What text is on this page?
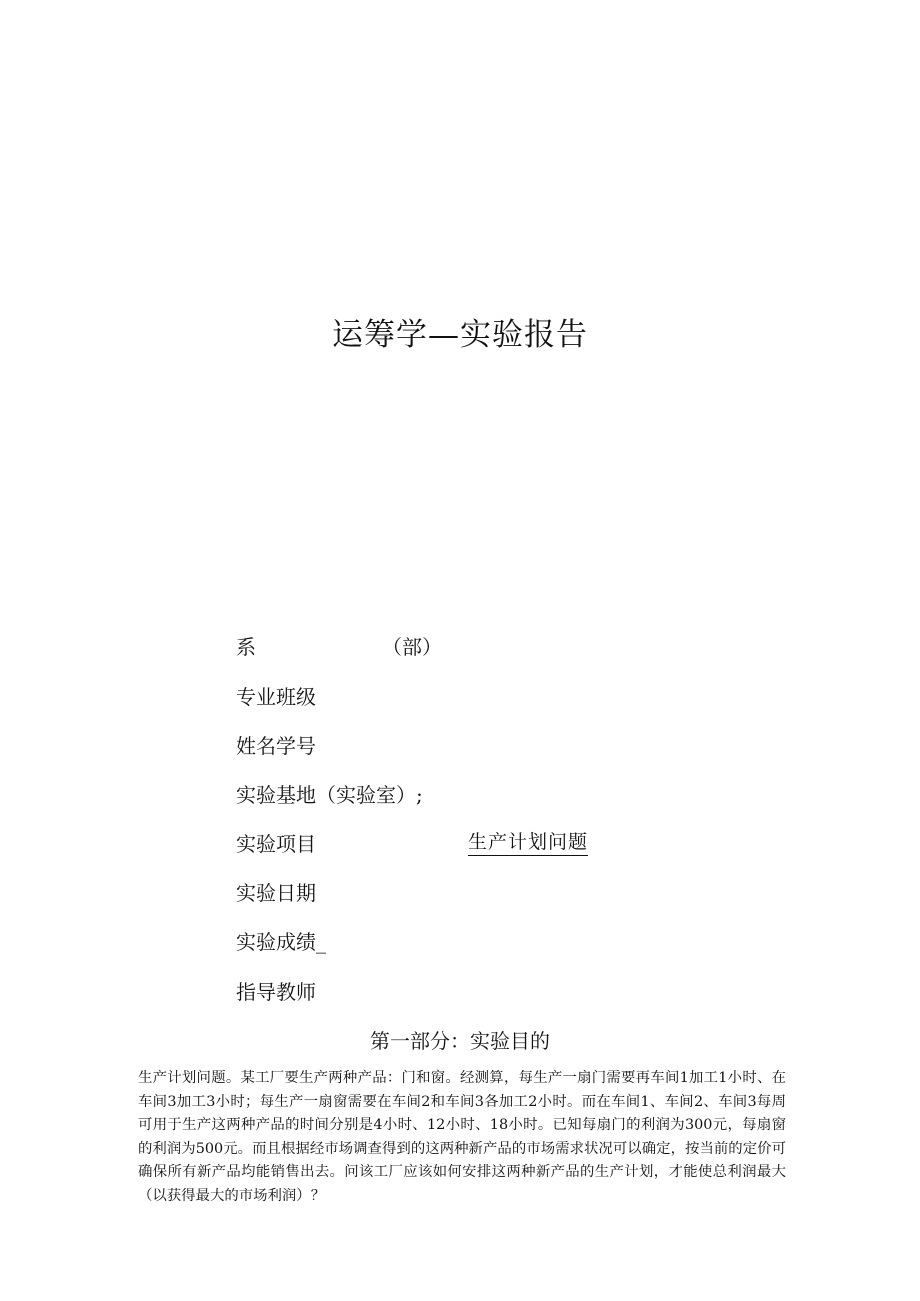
运筹学—实验报告
系	（部）
专业班级
姓名学号
实验基地（实验室）;
实验项目	生产计划问题
实验日期
实验成绩_
指导教师
第一部分：实验目的
生产计划问题。某工厂要生产两种产品：门和窗。经测算，每生产一扇门需要再车间1加工1小时、在车间3加工3小时；每生产一扇窗需要在车间2和车间3各加工2小时。而在车间1、车间2、车间3每周可用于生产这两种产品的时间分别是4小时、12小时、18小时。已知每扇门的利润为300元，每扇窗的利润为500元。而且根据经市场调查得到的这两种新产品的市场需求状况可以确定，按当前的定价可确保所有新产品均能销售出去。问该工厂应该如何安排这两种新产品的生产计划，才能使总利润最大（以获得最大的市场利润）？
